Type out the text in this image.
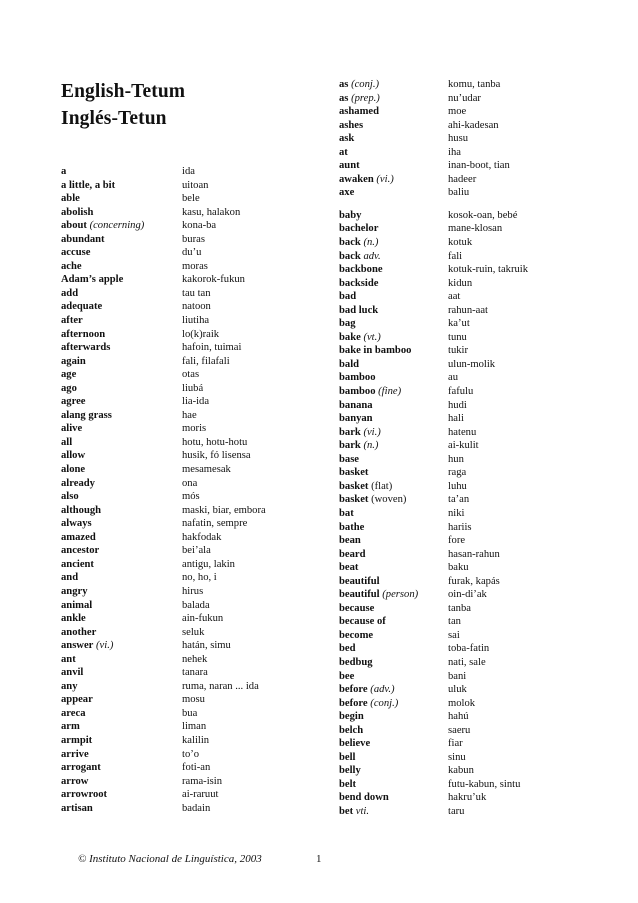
English-Tetum
Inglés-Tetun
a	ida
a little, a bit	uitoan
able	bele
abolish	kasu, halakon
about (concerning)	kona-ba
abundant	buras
accuse	du’u
ache	moras
Adam’s apple	kakorok-fukun
add	tau tan
adequate	natoon
after	liutiha
afternoon	lo(k)raik
afterwards	hafoin, tuimai
again	fali, filafali
age	otas
ago	liubá
agree	lia-ida
alang grass	hae
alive	moris
all	hotu, hotu-hotu
allow	husik, fó lisensa
alone	mesamesak
already	ona
also	mós
although	maski, biar, embora
always	nafatin, sempre
amazed	hakfodak
ancestor	bei’ala
ancient	antigu, lakin
and	no, ho, i
angry	hirus
animal	balada
ankle	ain-fukun
another	seluk
answer (vi.)	hatán, simu
ant	nehek
anvil	tanara
any	ruma, naran ... ida
appear	mosu
areca	bua
arm	liman
armpit	kalilin
arrive	to’o
arrogant	foti-an
arrow	rama-isin
arrowroot	ai-raruut
artisan	badain
as (conj.)	komu, tanba
as (prep.)	nu’udar
ashamed	moe
ashes	ahi-kadesan
ask	husu
at	iha
aunt	inan-boot, tian
awaken (vi.)	hadeer
axe	baliu
baby	kosok-oan, bebé
bachelor	mane-klosan
back (n.)	kotuk
back adv.	fali
backbone	kotuk-ruin, takruik
backside	kidun
bad	aat
bad luck	rahun-aat
bag	ka’ut
bake (vt.)	tunu
bake in bamboo	tukir
bald	ulun-molik
bamboo	au
bamboo (fine)	fafulu
banana	hudi
banyan	hali
bark (vi.)	hatenu
bark (n.)	ai-kulit
base	hun
basket	raga
basket (flat)	luhu
basket (woven)	ta’an
bat	niki
bathe	hariis
bean	fore
beard	hasan-rahun
beat	baku
beautiful	furak, kapás
beautiful (person)	oin-di’ak
because	tanba
because of	tan
become	sai
bed	toba-fatin
bedbug	nati, sale
bee	bani
before (adv.)	uluk
before (conj.)	molok
begin	hahú
belch	saeru
believe	fiar
bell	sinu
belly	kabun
belt	futu-kabun, sintu
bend down	hakru’uk
bet vti.	taru
© Instituto Nacional de Linguística, 2003	1
